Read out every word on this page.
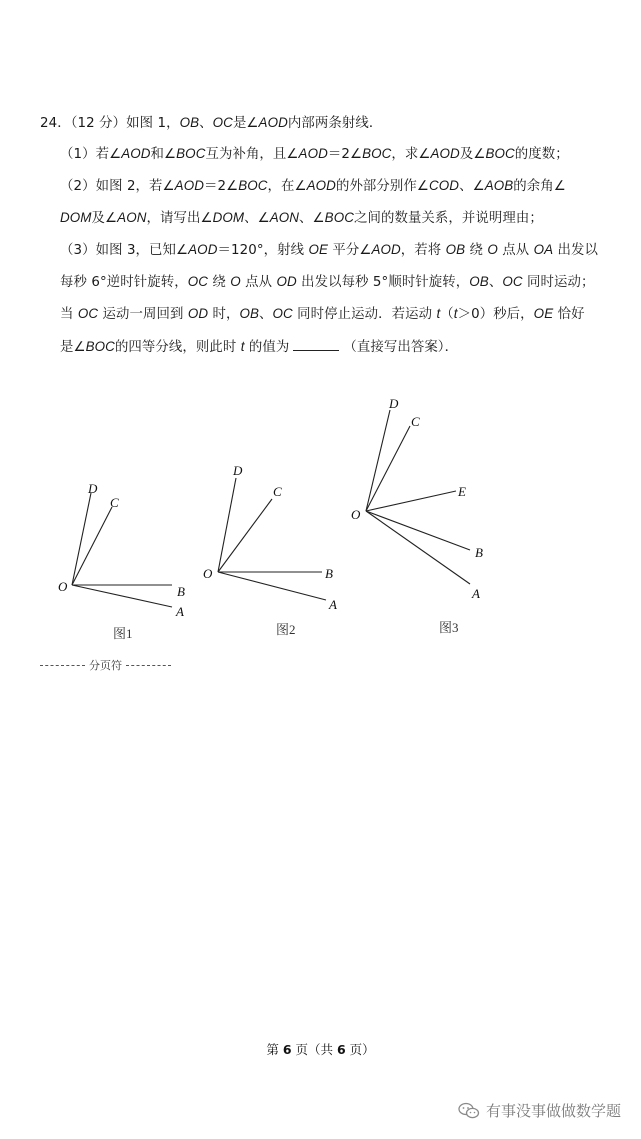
24．（12 分）如图 1，OB、OC是∠AOD内部两条射线．
（1）若∠AOD和∠BOC互为补角，且∠AOD＝2∠BOC，求∠AOD及∠BOC的度数；
（2）如图 2，若∠AOD＝2∠BOC，在∠AOD的外部分别作∠COD、∠AOB的余角∠
DOM及∠AON，请写出∠DOM、∠AON、∠BOC之间的数量关系，并说明理由；
（3）如图 3，已知∠AOD＝120°，射线 OE 平分∠AOD，若将 OB 绕 O 点从 OA 出发以
每秒 6°逆时针旋转，OC 绕 O 点从 OD 出发以每秒 5°顺时针旋转，OB、OC 同时运动；
当 OC 运动一周回到 OD 时，OB、OC 同时停止运动．若运动 t（t＞0）秒后，OE 恰好
是∠BOC的四等分线，则此时 t 的值为	（直接写出答案）．
D
C
O	B
A
图1
D
C
O	B
A
图2
D
C
E
O
B
A
图3
分页符
第 6 页（共 6 页）
有事没事做做数学题
